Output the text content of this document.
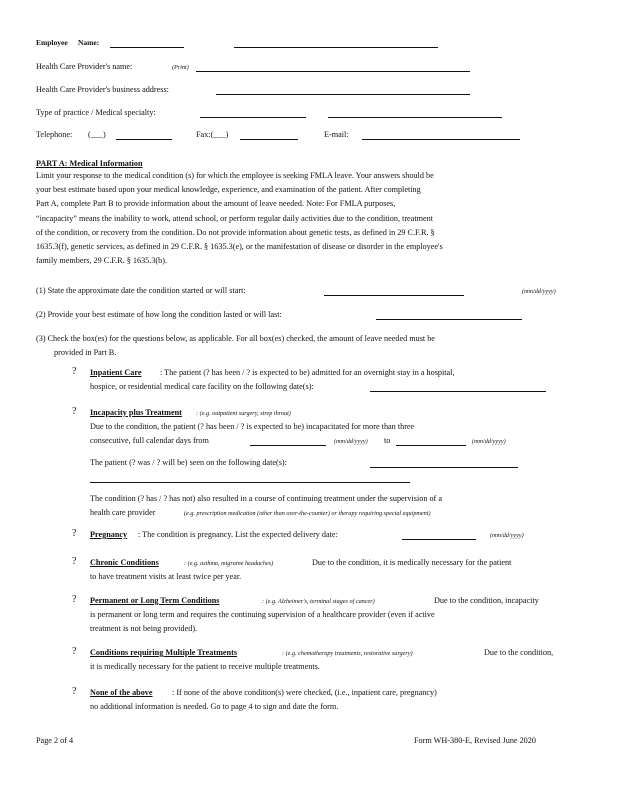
Employee Name:
Health Care Provider's name:	(Print)
Health Care Provider's business address:
Type of practice / Medical specialty:
Telephone: (___)	Fax:(___)	E-mail:
PART A: Medical Information
Limit your response to the medical condition (s) for which the employee is seeking FMLA leave. Your answers should be
your best estimate based upon your medical knowledge, experience, and examination of the patient. After completing
Part A, complete Part B to provide information about the amount of leave needed. Note: For FMLA purposes,
“incapacity” means the inability to work, attend school, or perform regular daily activities due to the condition, treatment
of the condition, or recovery from the condition. Do not provide information about genetic tests, as defined in 29 C.F.R. §
1635.3(f), genetic services, as defined in 29 C.F.R. § 1635.3(e), or the manifestation of disease or disorder in the employee's
family members, 29 C.F.R. § 1635.3(b).
(1) State the approximate date the condition started or will start:	(mm/dd/yyyy)
(2) Provide your best estimate of how long the condition lasted or will last:
(3) Check the box(es) for the questions below, as applicable. For all box(es) checked, the amount of leave needed must be
provided in Part B.
? Inpatient Care : The patient (? has been / ? is expected to be) admitted for an overnight stay in a hospital,
hospice, or residential medical care facility on the following date(s):
? Incapacity plus Treatment : (e.g. outpatient surgery, strep throat)
Due to the condition, the patient (? has been / ? is expected to be) incapacitated for more than three
consecutive, full calendar days from	(mm/dd/yyyy) to	(mm/dd/yyyy)
The patient (? was / ? will be) seen on the following date(s):
The condition (? has / ? has not) also resulted in a course of continuing treatment under the supervision of a
health care provider	(e.g. prescription medication (other than over-the-counter) or therapy requiring special equipment)
? Pregnancy : The condition is pregnancy. List the expected delivery date:	(mm/dd/yyyy)
? Chronic Conditions	: (e.g. asthma, migraine headaches)	Due to the condition, it is medically necessary for the patient
to have treatment visits at least twice per year.
? Permanent or Long Term Conditions	: (e.g. Alzheimer's, terminal stages of cancer)	Due to the condition, incapacity
is permanent or long term and requires the continuing supervision of a healthcare provider (even if active
treatment is not being provided).
? Conditions requiring Multiple Treatments	: (e.g. chemotherapy treatments, restorative surgery)	Due to the condition,
it is medically necessary for the patient to receive multiple treatments.
? None of the above : If none of the above condition(s) were checked, (i.e., inpatient care, pregnancy)
no additional information is needed. Go to page 4 to sign and date the form.
Page 2 of 4	Form WH-380-E, Revised June 2020
